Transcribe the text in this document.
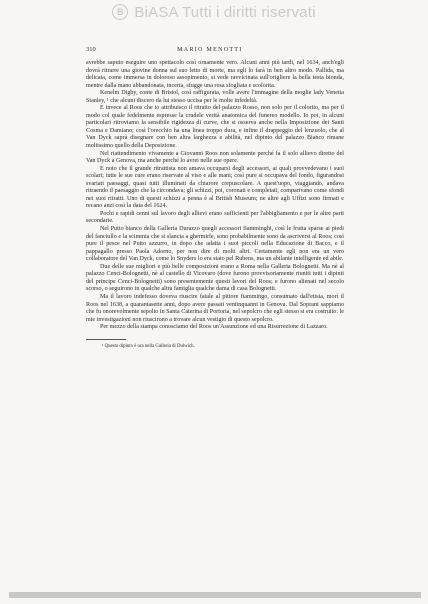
B BiASA Tutti i diritti riservati
310	MARIO MENOTTI

avrebbe saputo eseguire uno spettacolo così ornamente vero. Alcuni anni più tardi, nel 1634, anch'egli dovrà ritrarre una giovine donna sul suo letto di morte, ma egli lo farà in ben altro modo. Pallida, ma delicata, come immersa in doloroso assopimento, si vede ravvicinata sull'origliere la bella testa bionda, mentre dalla mano abbandonata, incerta, sfugge una rosa sfogliata e scolorita.

Kenelm Digby, conte di Bristol, così raffigurata, volle avere l'immagine della moglie lady Venetia Stanley, ¹ che alcuni discero da lui stesso uccisa per le molte infedeltà.

E invece al Roos che io attribuisco il ritratto del palazzo Rosso, non solo per il colorito, ma per il modo col quale fedelmente espresse la crudele verità anatomica del funereo modello. Io poi, in alcuni particolari ritroviamo la sensibile rigidezza di curve, che si osserva anche nella Imposizione dei Santi Cosma e Damiano; così l'orecchio ha una linea troppo dura, e infine il drappeggio del lenzuolo, che al Van Dyck saprà disegnare con ben altra larghezza e abilità, nel dipinto del palazzo Bianco rimane moltissimo quello della Deposizione.

Nel riattendimento vivamente a Giovanni Roos non solamente perché fa il solo allievo diretto del Van Dyck a Genova, ma anche perché lo avrei nelle sue opere.

E noto che il grande ritrattista non amava occuparsi degli accessori, ai quali provvedevano i suoi scolari; tutte le sue cure erano riservate al viso e alle mani; così pure si occupava del fondo, figurandosi svariati paesaggi, quasi tutti illuminati da chiarore crepuscolare. A quest'uopo, viaggiando, andava ritraendo il paesaggio che la circondava; gli schizzi, poi, coronati e completati, comparivano come sfondi nei suoi ritratti. Uno di questi schizzi a penna è al British Museum; ne altre agli Uffizi sono firmati e recano anzi così la data del 1624.

Pochi e rapidi cenni sul lavoro degli allievi erano sufficienti per l'abbigliamento e per le altre parti secondarie.

Nel Putto bianco della Galleria Durazzo quegli accessori fiamminghi, così le frutta sparse ai piedi del fanciullo e la scimmia che si slancia a ghermirle, sono probabilmente sono da ascriversi al Roos; così pure il pesce nel Putto azzurro, in dopo che adatta i suoi piccoli nella Educazione di Bacco, e il pappagallo presso Paola Adorno, per non dire di molti altri. Certamente egli non era un vero collaboratore del Van Dyck, come lo Snyders lo era stato pel Rubens, ma un abilante intelligente ed abile.

Due delle sue migliori e più belle composizioni erano a Roma nella Galleria Bolognetti. Ma nè al palazzo Cenci-Bolognetti, nè al castello di Vicovaro (dove furono provvisoriamente riuniti tutti i dipinti del principe Cenci-Bolognetti) sono presentemente questi lavori del Roos; e furono alienati nel secolo scorso, o seguirono in qualche altra famiglia qualche dama di casa Bolognetti.

Ma il lavoro indefesso doveva riuscire fatale al pittore fiammingo, consumato dall'etisia, morì il Roos nel 1638, a quarantasette anni, dopo avere passati ventinquanni in Genova. Dal Soprani sappiamo che fu onorevolmente sepolto in Santa Caterina di Portoria, nel sepolcro che egli stesso si era costruito: le mie investigazioni non riuscirono a trovare alcun vestigio di questo sepolcro.

Per mezzo della stampa conosciamo del Roos un'Assunzione ed una Risurrezione di Lazzaro.

¹ Questo dipinto è ora nella Galleria di Dulwich.
